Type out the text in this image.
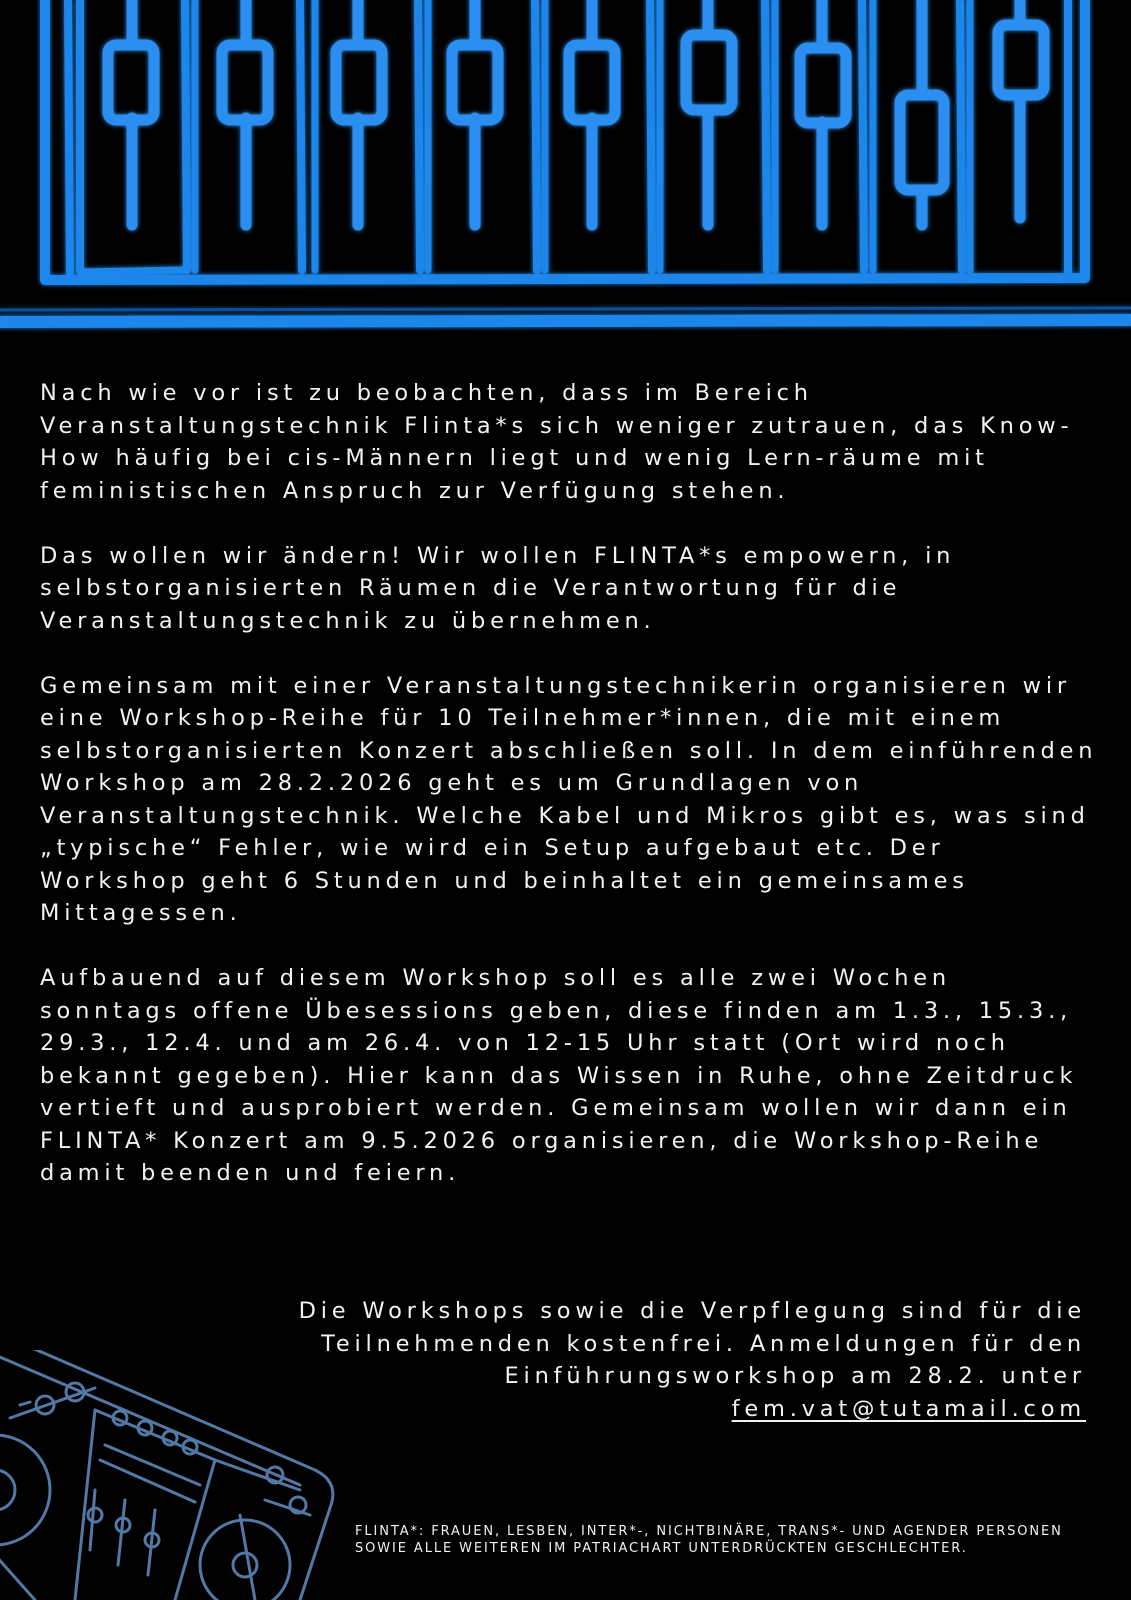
Nach wie vor ist zu beobachten, dass im Bereich Veranstaltungstechnik Flinta*s sich weniger zutrauen, das Know-How häufig bei cis-Männern liegt und wenig Lern-räume mit feministischen Anspruch zur Verfügung stehen.

Das wollen wir ändern! Wir wollen FLINTA*s empowern, in selbstorganisierten Räumen die Verantwortung für die Veranstaltungstechnik zu übernehmen.

Gemeinsam mit einer Veranstaltungstechnikerin organisieren wir eine Workshop-Reihe für 10 Teilnehmer*innen, die mit einem selbstorganisierten Konzert abschließen soll. In dem einführenden Workshop am 28.2.2026 geht es um Grundlagen von Veranstaltungstechnik. Welche Kabel und Mikros gibt es, was sind „typische“ Fehler, wie wird ein Setup aufgebaut etc. Der Workshop geht 6 Stunden und beinhaltet ein gemeinsames Mittagessen.

Aufbauend auf diesem Workshop soll es alle zwei Wochen sonntags offene Übesessions geben, diese finden am 1.3., 15.3., 29.3., 12.4. und am 26.4. von 12-15 Uhr statt (Ort wird noch bekannt gegeben). Hier kann das Wissen in Ruhe, ohne Zeitdruck vertieft und ausprobiert werden. Gemeinsam wollen wir dann ein FLINTA* Konzert am 9.5.2026 organisieren, die Workshop-Reihe damit beenden und feiern.

Die Workshops sowie die Verpflegung sind für die Teilnehmenden kostenfrei. Anmeldungen für den Einführungsworkshop am 28.2. unter
fem.vat@tutamail.com

FLINTA*: FRAUEN, LESBEN, INTER*-, NICHTBINÄRE, TRANS*- UND AGENDER PERSONEN SOWIE ALLE WEITEREN IM PATRIACHART UNTERDRÜCKTEN GESCHLECHTER.
